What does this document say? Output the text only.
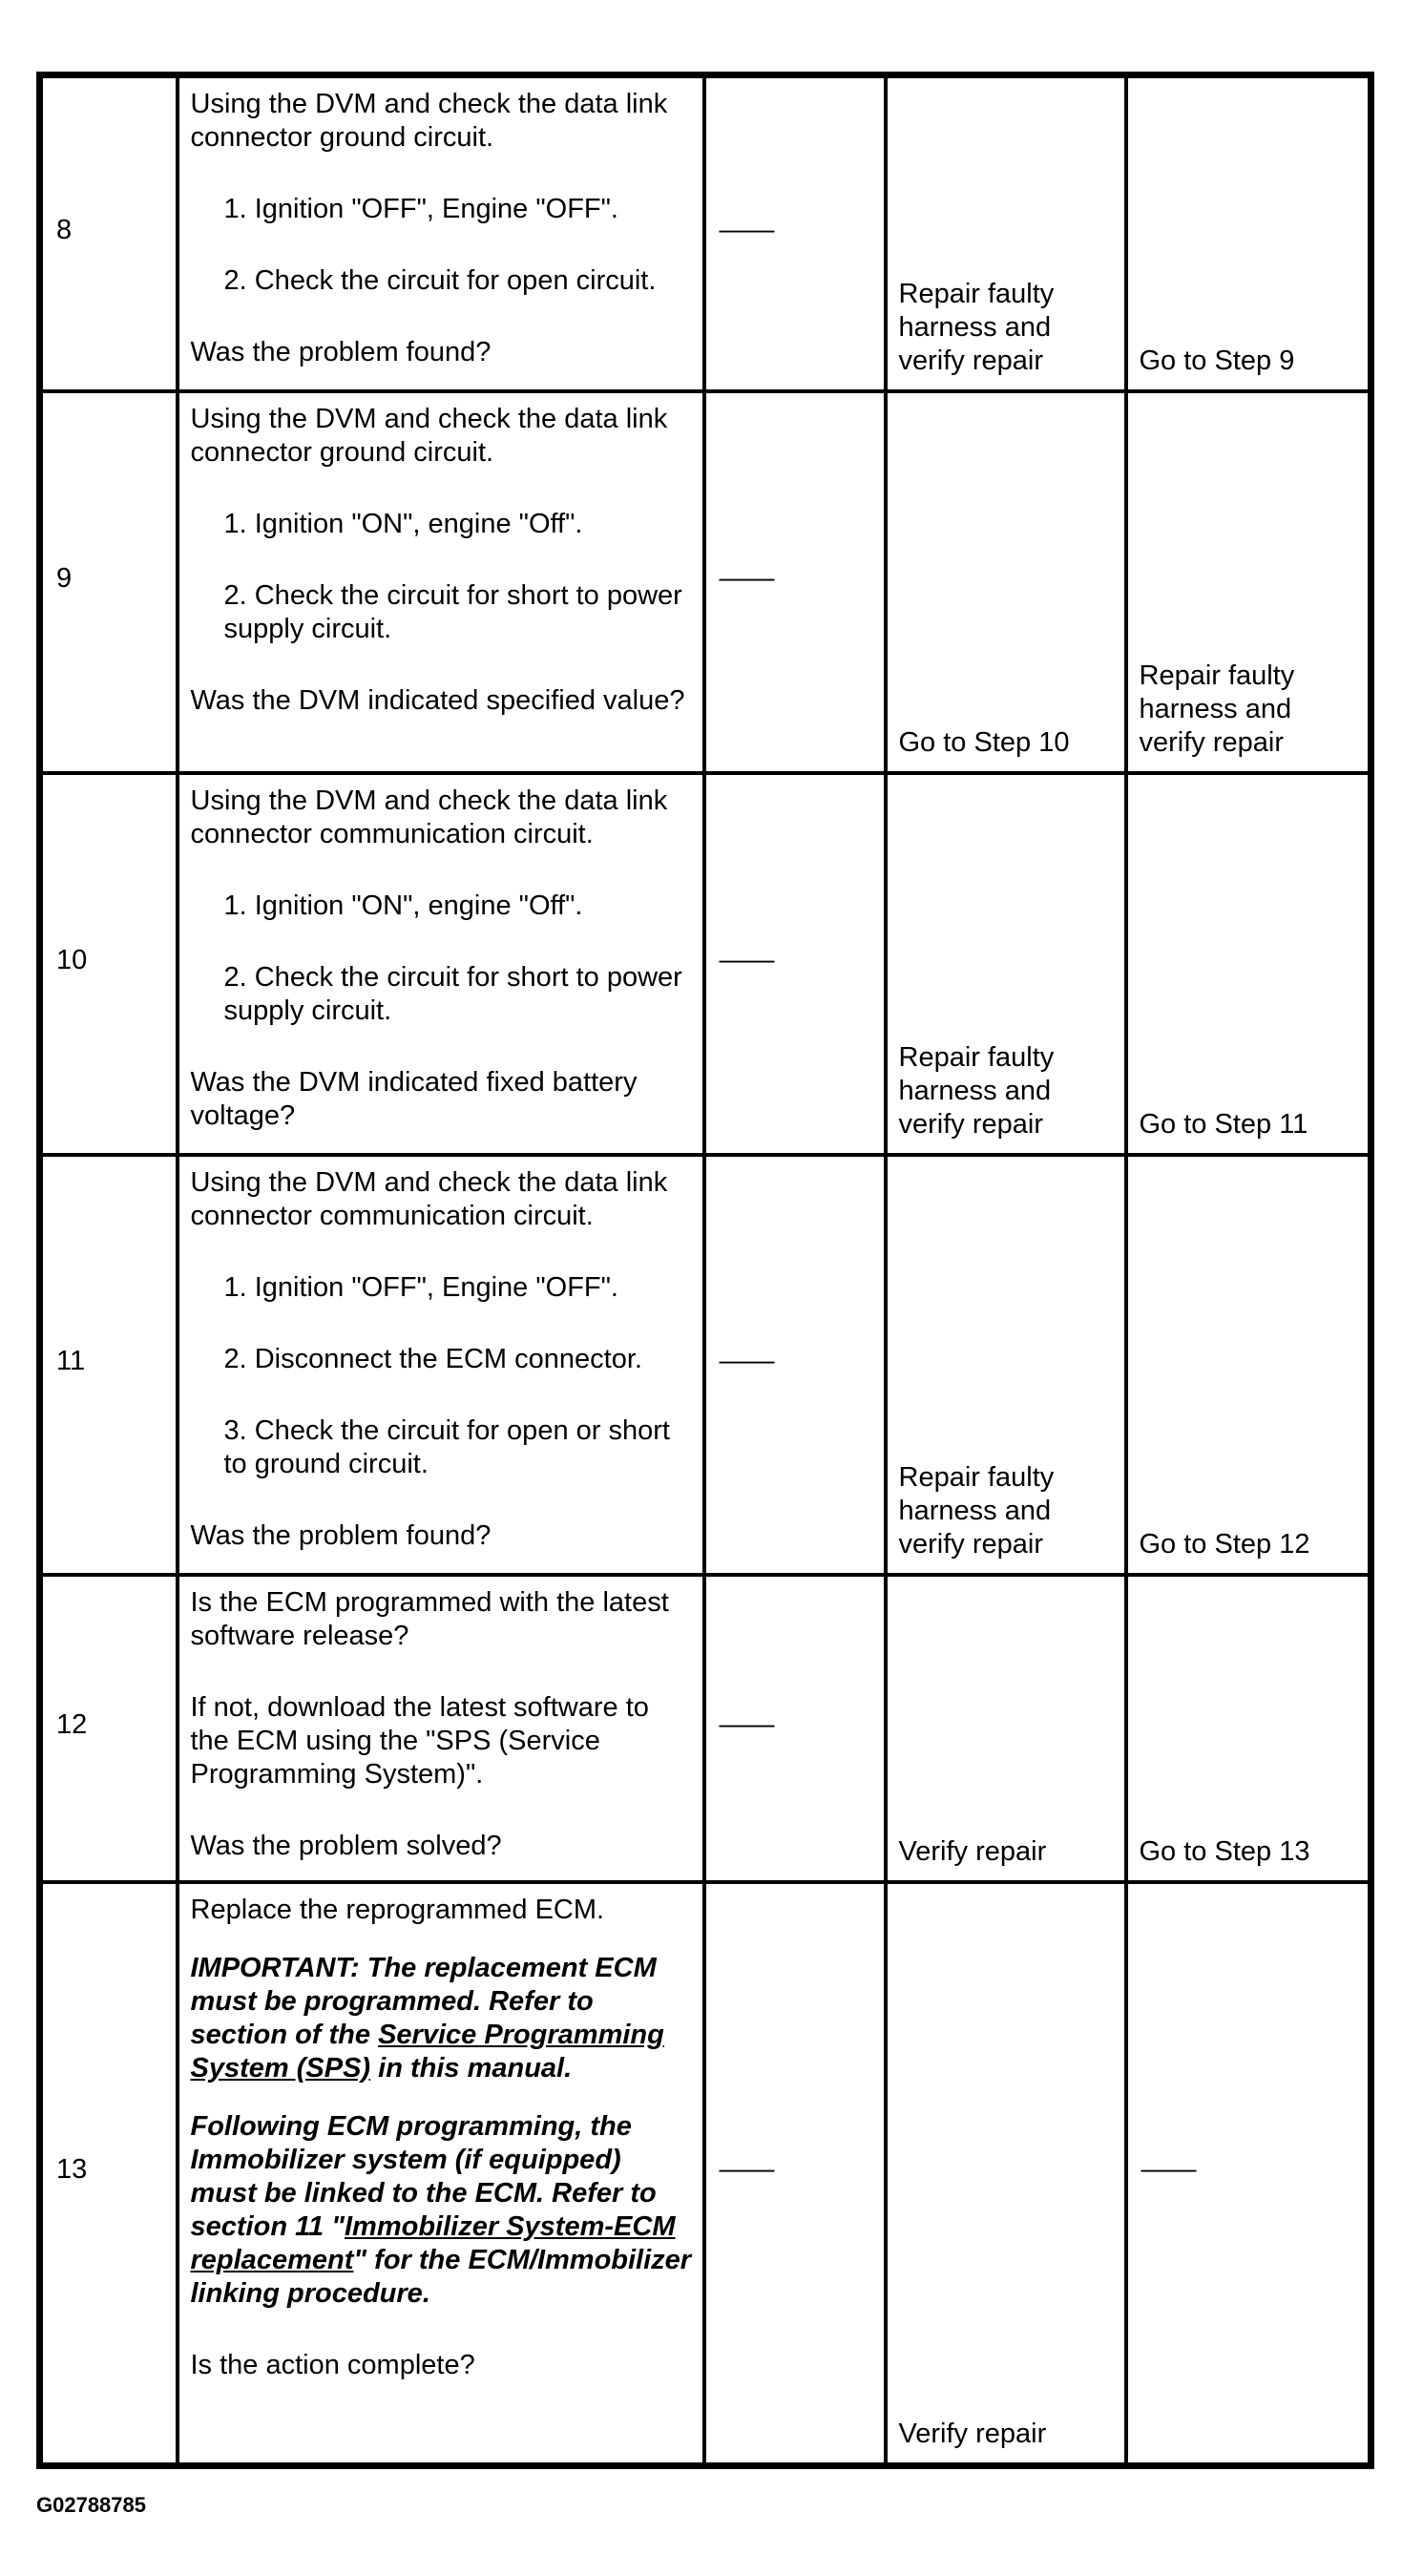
8	Using the DVM and check the data link connector ground circuit.

1. Ignition "OFF", Engine "OFF".

2. Check the circuit for open circuit.

Was the problem found?	——	Repair faulty harness and verify repair	Go to Step 9
9	Using the DVM and check the data link connector ground circuit.

1. Ignition "ON", engine "Off".

2. Check the circuit for short to power supply circuit.

Was the DVM indicated specified value?	——	Go to Step 10	Repair faulty harness and verify repair
10	Using the DVM and check the data link connector communication circuit.

1. Ignition "ON", engine "Off".

2. Check the circuit for short to power supply circuit.

Was the DVM indicated fixed battery voltage?	——	Repair faulty harness and verify repair	Go to Step 11
11	Using the DVM and check the data link connector communication circuit.

1. Ignition "OFF", Engine "OFF".

2. Disconnect the ECM connector.

3. Check the circuit for open or short to ground circuit.

Was the problem found?	——	Repair faulty harness and verify repair	Go to Step 12
12	Is the ECM programmed with the latest software release?

If not, download the latest software to the ECM using the "SPS (Service Programming System)".

Was the problem solved?	——	Verify repair	Go to Step 13
13	Replace the reprogrammed ECM.

IMPORTANT: The replacement ECM must be programmed. Refer to section of the Service Programming System (SPS) in this manual.

Following ECM programming, the Immobilizer system (if equipped) must be linked to the ECM. Refer to section 11 "Immobilizer System-ECM replacement" for the ECM/Immobilizer linking procedure.

Is the action complete?	——	Verify repair	——
G02788785
